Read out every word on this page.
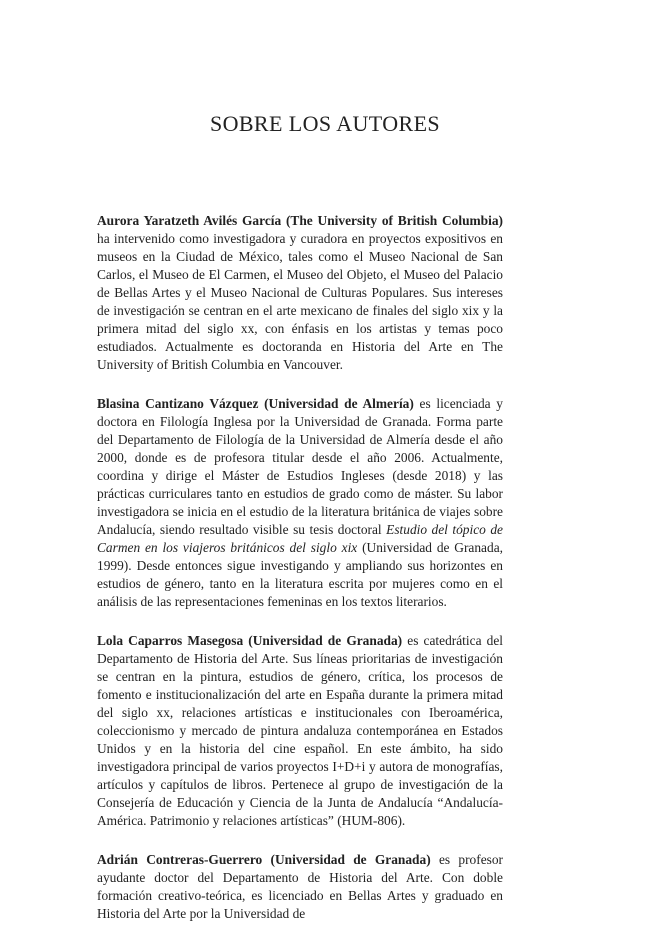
SOBRE LOS AUTORES

Aurora Yaratzeth Avilés García (The University of British Columbia) ha intervenido como investigadora y curadora en proyectos expositivos en museos en la Ciudad de México, tales como el Museo Nacional de San Carlos, el Museo de El Carmen, el Museo del Objeto, el Museo del Palacio de Bellas Artes y el Museo Nacional de Culturas Populares. Sus intereses de investigación se centran en el arte mexicano de finales del siglo xix y la primera mitad del siglo xx, con énfasis en los artistas y temas poco estudiados. Actualmente es doctoranda en Historia del Arte en The University of British Columbia en Vancouver.

Blasina Cantizano Vázquez (Universidad de Almería) es licenciada y doctora en Filología Inglesa por la Universidad de Granada. Forma parte del Departamento de Filología de la Universidad de Almería desde el año 2000, donde es de profesora titular desde el año 2006. Actualmente, coordina y dirige el Máster de Estudios Ingleses (desde 2018) y las prácticas curriculares tanto en estudios de grado como de máster. Su labor investigadora se inicia en el estudio de la literatura británica de viajes sobre Andalucía, siendo resultado visible su tesis doctoral Estudio del tópico de Carmen en los viajeros británicos del siglo xix (Universidad de Granada, 1999). Desde entonces sigue investigando y ampliando sus horizontes en estudios de género, tanto en la literatura escrita por mujeres como en el análisis de las representaciones femeninas en los textos literarios.

Lola Caparros Masegosa (Universidad de Granada) es catedrática del Departamento de Historia del Arte. Sus líneas prioritarias de investigación se centran en la pintura, estudios de género, crítica, los procesos de fomento e institucionalización del arte en España durante la primera mitad del siglo xx, relaciones artísticas e institucionales con Iberoamérica, coleccionismo y mercado de pintura andaluza contemporánea en Estados Unidos y en la historia del cine español. En este ámbito, ha sido investigadora principal de varios proyectos I+D+i y autora de monografías, artículos y capítulos de libros. Pertenece al grupo de investigación de la Consejería de Educación y Ciencia de la Junta de Andalucía “Andalucía-América. Patrimonio y relaciones artísticas” (HUM-806).

Adrián Contreras-Guerrero (Universidad de Granada) es profesor ayudante doctor del Departamento de Historia del Arte. Con doble formación creativo-teórica, es licenciado en Bellas Artes y graduado en Historia del Arte por la Universidad de
